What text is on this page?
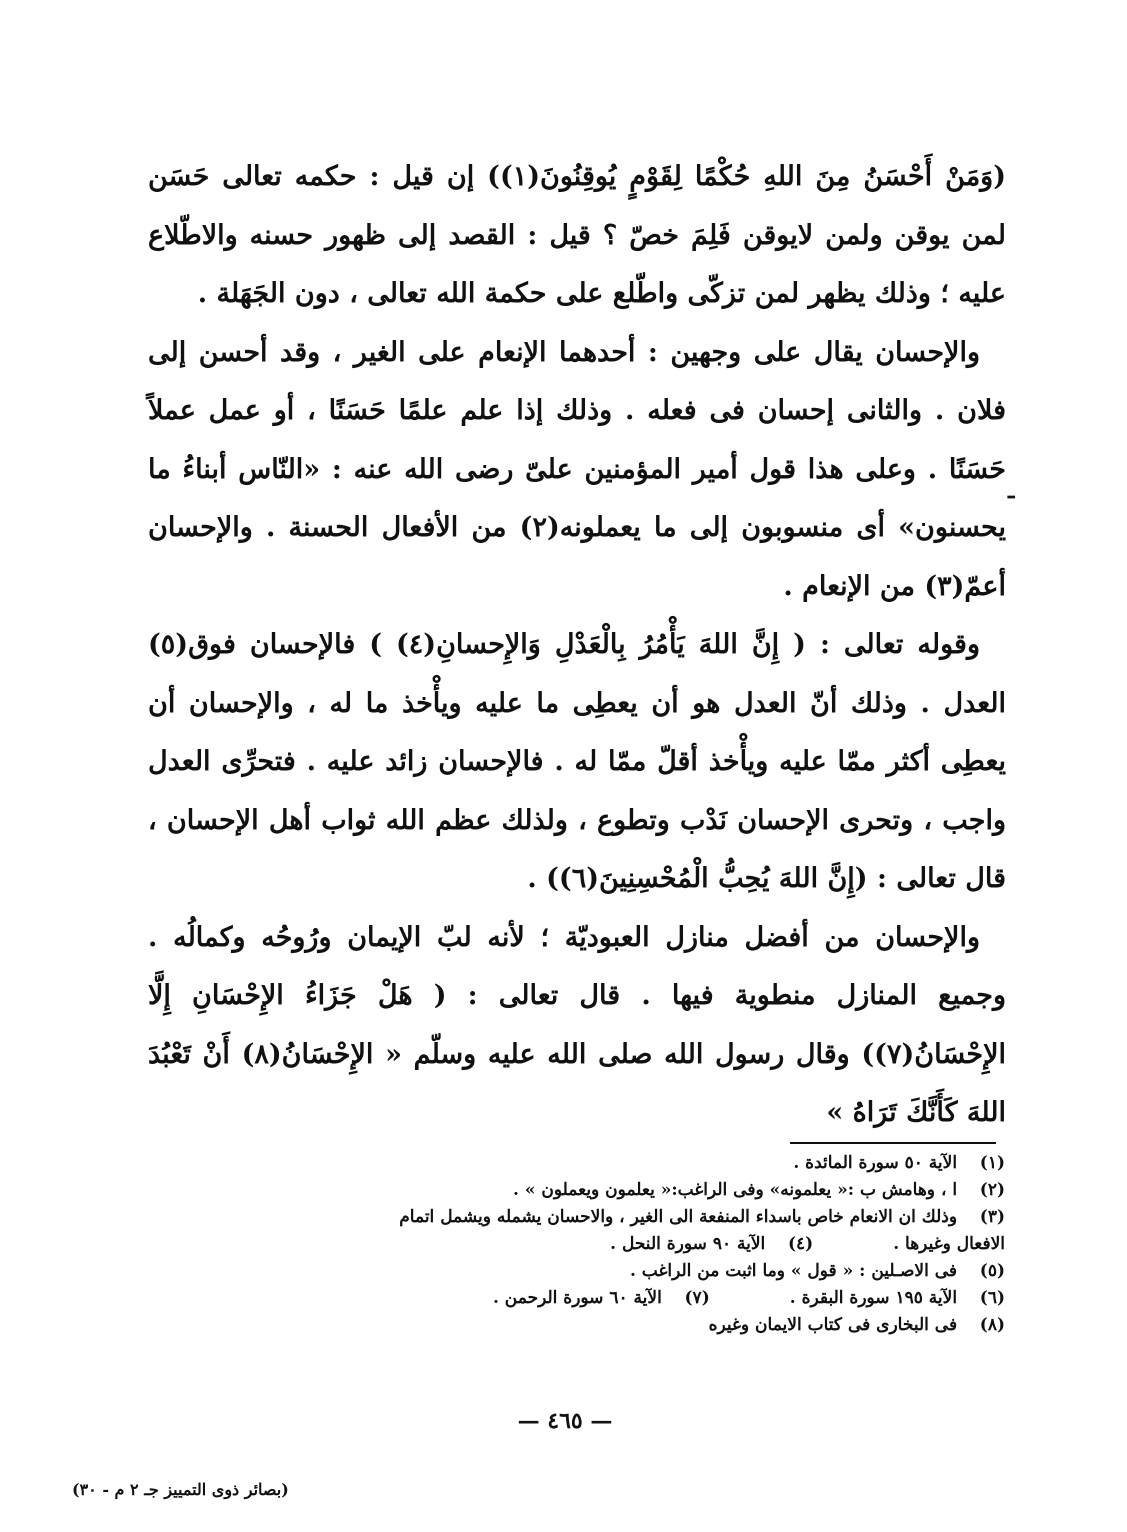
(وَمَنْ أَحْسَنُ مِنَ اللهِ حُكْمًا لِقَوْمٍ يُوقِنُونَ(١)) إن قيل : حكمه تعالى حَسَن لمن يوقن ولمن لايوقن فَلِمَ خصّ ؟ قيل : القصد إلى ظهور حسنه والاطّلاع عليه ؛ وذلك يظهر لمن تزكّى واطّلع على حكمة الله تعالى ، دون الجَهَلة .

والإحسان يقال على وجهين : أحدهما الإنعام على الغير ، وقد أحسن إلى فلان . والثانى إحسان فى فعله . وذلك إذا علم علمًا حَسَنًا ، أو عمل عملاً حَسَنًا . وعلى هذا قول أمير المؤمنين علىّ رضى الله عنه : «النّاس أبناءُ ما يحسنون» أى منسوبون إلى ما يعملونه(٢) من الأفعال الحسنة . والإحسان أعمّ(٣) من الإنعام .

وقوله تعالى : ( إِنَّ اللهَ يَأْمُرُ بِالْعَدْلِ وَالإِحسانِ(٤) ) فالإحسان فوق(٥) العدل . وذلك أنّ العدل هو أن يعطِى ما عليه ويأْخذ ما له ، والإحسان أن يعطِى أكثر ممّا عليه ويأْخذ أقلّ ممّا له . فالإحسان زائد عليه . فتحرِّى العدل واجب ، وتحرى الإحسان نَدْب وتطوع ، ولذلك عظم الله ثواب أهل الإحسان ، قال تعالى : (إِنَّ اللهَ يُحِبُّ الْمُحْسِنِينَ(٦)) .

والإحسان من أفضل منازل العبوديّة ؛ لأنه لبّ الإيمان ورُوحُه وكمالُه . وجميع المنازل منطوية فيها . قال تعالى : ( هَلْ جَزَاءُ الإِحْسَانِ إِلَّا الإِحْسَانُ(٧)) وقال رسول الله صلى الله عليه وسلّم « الإِحْسَانُ(٨) أَنْ تَعْبُدَ اللهَ كَأَنَّكَ تَرَاهُ »

ـ

(١) الآية ٥٠ سورة المائدة .

(٢) ا ، وهامش ب :« يعلمونه» وفى الراغب:« يعلمون ويعملون » .

(٣) وذلك ان الانعام خاص باسداء المنفعة الى الغير ، والاحسان يشمله ويشمل اتمام

الافعال وغيرها .
(٤) الآية ٩٠ سورة النحل .

(٥) فى الاصـلين : « قول » وما اثبت من الراغب .

(٦) الآية ١٩٥ سورة البقرة .
(٧) الآية ٦٠ سورة الرحمن .

(٨) فى البخارى فى كتاب الايمان وغيره

— ٤٦٥ —
(بصائر ذوى التمييز جـ ٢ م - ٣٠)
